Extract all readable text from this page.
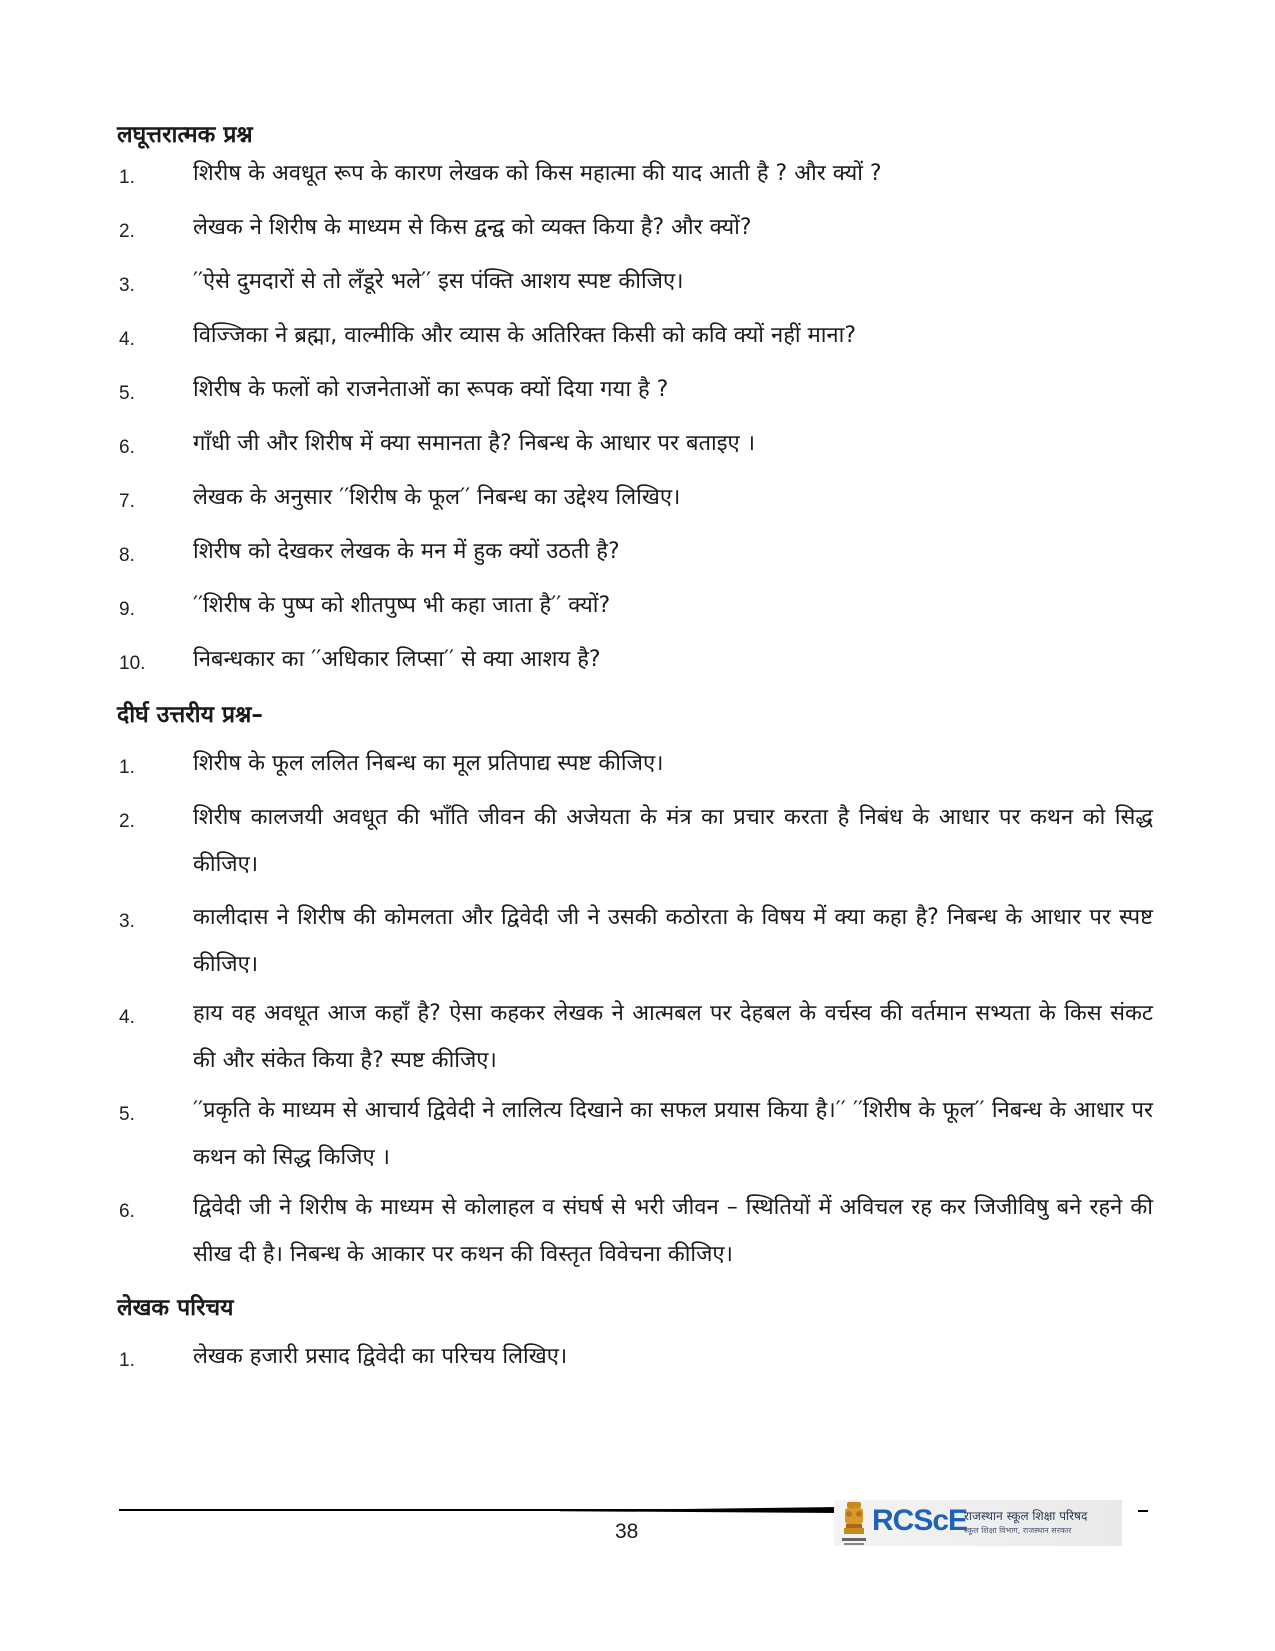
लघूत्तरात्मक प्रश्न
1.	शिरीष के अवधूत रूप के कारण लेखक को किस महात्मा की याद आती है ? और क्यों ?

2.	लेखक ने शिरीष के माध्यम से किस द्वन्द्व को व्यक्त किया है? और क्यों?

3.	′′ऐसे दुमदारों से तो लँडूरे भले′′ इस पंक्ति आशय स्पष्ट कीजिए।

4.	विज्जिका ने ब्रह्मा, वाल्मीकि और व्यास के अतिरिक्त किसी को कवि क्यों नहीं माना?

5.	शिरीष के फलों को राजनेताओं का रूपक क्यों दिया गया है ?

6.	गाँधी जी और शिरीष में क्या समानता है? निबन्ध के आधार पर बताइए ।

7.	लेखक के अनुसार ′′शिरीष के फूल′′ निबन्ध का उद्देश्य लिखिए।

8.	शिरीष को देखकर लेखक के मन में हुक क्यों उठती है?

9.	′′शिरीष के पुष्प को शीतपुष्प भी कहा जाता है′′ क्यों?

10. निबन्धकार का ′′अधिकार लिप्सा′′ से क्या आशय है?

दीर्घ उत्तरीय प्रश्न–
1.	शिरीष के फूल ललित निबन्ध का मूल प्रतिपाद्य स्पष्ट कीजिए।

2.	शिरीष कालजयी अवधूत की भाँति जीवन की अजेयता के मंत्र का प्रचार करता है निबंध के आधार पर कथन को सिद्ध कीजिए।

3.	कालीदास ने शिरीष की कोमलता और द्विवेदी जी ने उसकी कठोरता के विषय में क्या कहा है? निबन्ध के आधार पर स्पष्ट कीजिए।

4.	हाय वह अवधूत आज कहाँ है? ऐसा कहकर लेखक ने आत्मबल पर देहबल के वर्चस्व की वर्तमान सभ्यता के किस संकट की और संकेत किया है? स्पष्ट कीजिए।

5.	′′प्रकृति के माध्यम से आचार्य द्विवेदी ने लालित्य दिखाने का सफल प्रयास किया है।′′ ′′शिरीष के फूल′′ निबन्ध के आधार पर कथन को सिद्ध किजिए ।

6.	द्विवेदी जी ने शिरीष के माध्यम से कोलाहल व संघर्ष से भरी जीवन – स्थितियों में अविचल रह कर जिजीविषु बने रहने की सीख दी है। निबन्ध के आकार पर कथन की विस्तृत विवेचना कीजिए।

लेखक परिचय
1.	लेखक हजारी प्रसाद द्विवेदी का परिचय लिखिए।

38	RCScE
राजस्थान स्कूल शिक्षा परिषद
स्कूल शिक्षा विभाग, राजस्थान सरकार
